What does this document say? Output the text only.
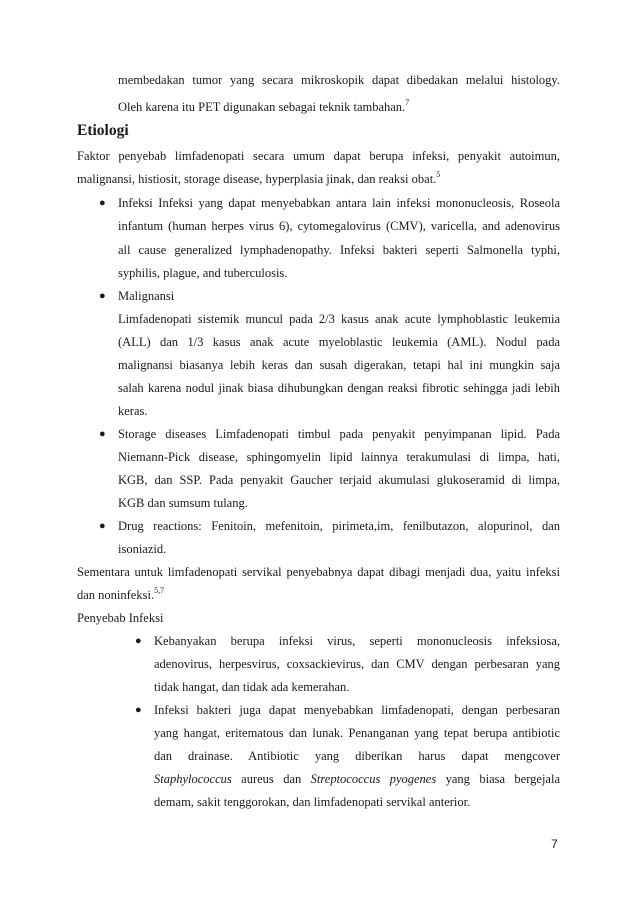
membedakan tumor yang secara mikroskopik dapat dibedakan melalui histology.
Oleh karena itu PET digunakan sebagai teknik tambahan.$^7$
Etiologi
Faktor penyebab limfadenopati secara umum dapat berupa infeksi, penyakit autoimun,
malignansi, histiosit, storage disease, hyperplasia jinak, dan reaksi obat.$^5$
● Infeksi Infeksi yang dapat menyebabkan antara lain infeksi mononucleosis, Roseola
infantum (human herpes virus 6), cytomegalovirus (CMV), varicella, and adenovirus
all cause generalized lymphadenopathy. Infeksi bakteri seperti Salmonella typhi,
syphilis, plague, and tuberculosis.
● Malignansi
Limfadenopati sistemik muncul pada 2/3 kasus anak acute lymphoblastic leukemia
(ALL) dan 1/3 kasus anak acute myeloblastic leukemia (AML). Nodul pada
malignansi biasanya lebih keras dan susah digerakan, tetapi hal ini mungkin saja
salah karena nodul jinak biasa dihubungkan dengan reaksi fibrotic sehingga jadi lebih
keras.
● Storage diseases Limfadenopati timbul pada penyakit penyimpanan lipid. Pada
Niemann-Pick disease, sphingomyelin lipid lainnya terakumulasi di limpa, hati,
KGB, dan SSP. Pada penyakit Gaucher terjaid akumulasi glukoseramid di limpa,
KGB dan sumsum tulang.
● Drug reactions: Fenitoin, mefenitoin, pirimeta,im, fenilbutazon, alopurinol, dan
isoniazid.
Sementara untuk limfadenopati servikal penyebabnya dapat dibagi menjadi dua, yaitu infeksi
dan noninfeksi.$^{5,7}$
Penyebab Infeksi
● Kebanyakan berupa infeksi virus, seperti mononucleosis infeksiosa,
adenovirus, herpesvirus, coxsackievirus, dan CMV dengan perbesaran yang
tidak hangat, dan tidak ada kemerahan.
● Infeksi bakteri juga dapat menyebabkan limfadenopati, dengan perbesaran
yang hangat, eritematous dan lunak. Penanganan yang tepat berupa antibiotic
dan drainase. Antibiotic yang diberikan harus dapat mengcover
Staphylococcus aureus dan Streptococcus pyogenes yang biasa bergejala
demam, sakit tenggorokan, dan limfadenopati servikal anterior.
7
